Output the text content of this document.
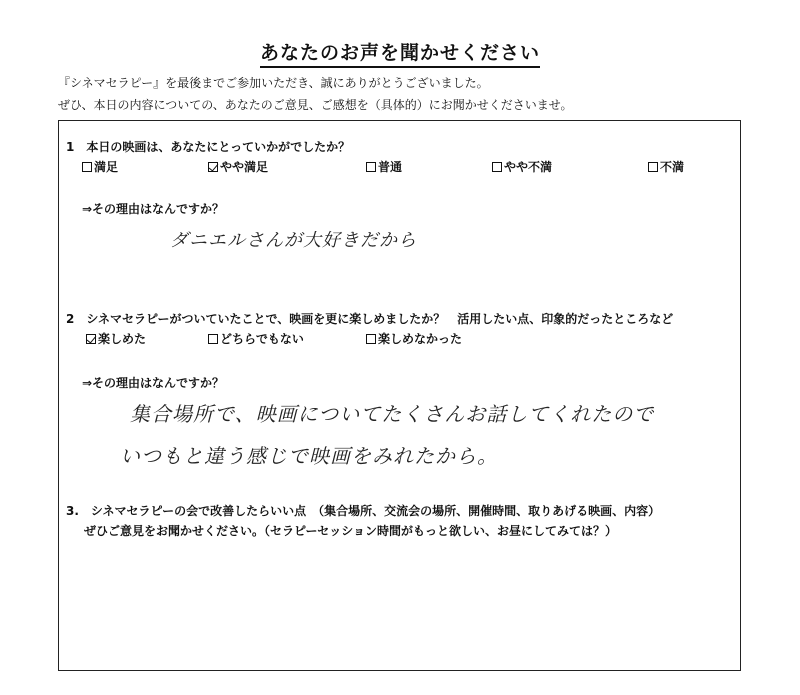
あなたのお声を聞かせください
『シネマセラピー』を最後までご参加いただき、誠にありがとうございました。
ぜひ、本日の内容についての、あなたのご意見、ご感想を（具体的）にお聞かせくださいませ。
1　本日の映画は、あなたにとっていかがでしたか？
満足	やや満足	普通	やや不満	不満
⇒その理由はなんですか？
ダニエルさんが大好きだから
2　シネマセラピーがついていたことで、映画を更に楽しめましたか？　活用したい点、印象的だったところなど
楽しめた	どちらでもない	楽しめなかった
⇒その理由はなんですか？
集合場所で、映画についてたくさんお話してくれたので
いつもと違う感じで映画をみれたから。
3.　シネマセラピーの会で改善したらいい点　（集合場所、交流会の場所、開催時間、取りあげる映画、内容）
ぜひご意見をお聞かせください。（セラピーセッション時間がもっと欲しい、お昼にしてみては？）
